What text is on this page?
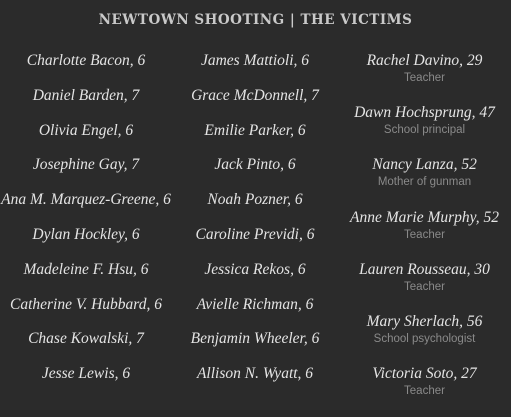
NEWTOWN SHOOTING | THE VICTIMS
Charlotte Bacon, 6
Daniel Barden, 7
Olivia Engel, 6
Josephine Gay, 7
Ana M. Marquez-Greene, 6
Dylan Hockley, 6
Madeleine F. Hsu, 6
Catherine V. Hubbard, 6
Chase Kowalski, 7
Jesse Lewis, 6
James Mattioli, 6
Grace McDonnell, 7
Emilie Parker, 6
Jack Pinto, 6
Noah Pozner, 6
Caroline Previdi, 6
Jessica Rekos, 6
Avielle Richman, 6
Benjamin Wheeler, 6
Allison N. Wyatt, 6
Rachel Davino, 29
Teacher
Dawn Hochsprung, 47
School principal
Nancy Lanza, 52
Mother of gunman
Anne Marie Murphy, 52
Teacher
Lauren Rousseau, 30
Teacher
Mary Sherlach, 56
School psychologist
Victoria Soto, 27
Teacher
